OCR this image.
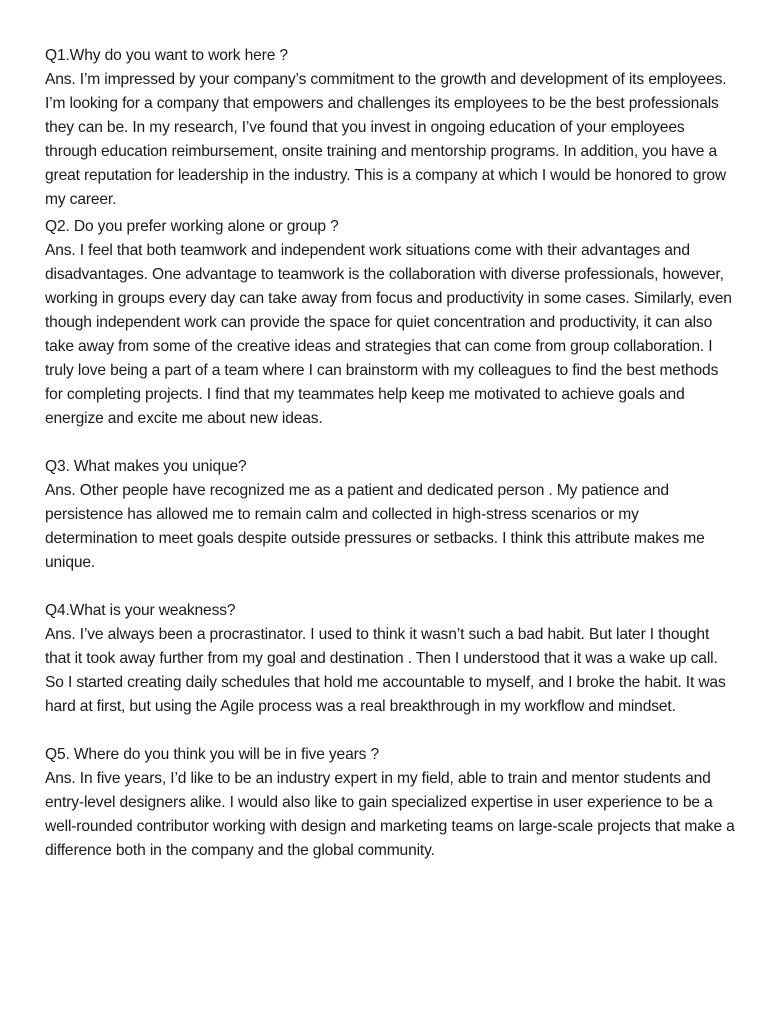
Q1.Why do you want to work here ?

Ans. I’m impressed by your company’s commitment to the growth and development of its employees. I’m looking for a company that empowers and challenges its employees to be the best professionals they can be. In my research, I’ve found that you invest in ongoing education of your employees through education reimbursement, onsite training and mentorship programs. In addition, you have a great reputation for leadership in the industry. This is a company at which I would be honored to grow my career.

Q2. Do you prefer working alone or group ?

Ans. I feel that both teamwork and independent work situations come with their advantages and disadvantages. One advantage to teamwork is the collaboration with diverse professionals, however, working in groups every day can take away from focus and productivity in some cases. Similarly, even though independent work can provide the space for quiet concentration and productivity, it can also take away from some of the creative ideas and strategies that can come from group collaboration. I truly love being a part of a team where I can brainstorm with my colleagues to find the best methods for completing projects. I find that my teammates help keep me motivated to achieve goals and energize and excite me about new ideas.

Q3. What makes you unique?

Ans. Other people have recognized me as a patient and dedicated person . My patience and persistence has allowed me to remain calm and collected in high-stress scenarios or my determination to meet goals despite outside pressures or setbacks. I think this attribute makes me unique.

Q4.What is your weakness?

Ans. I’ve always been a procrastinator. I used to think it wasn’t such a bad habit. But later I thought that it took away further from my goal and destination . Then I understood that it was a wake up call. So I started creating daily schedules that hold me accountable to myself, and I broke the habit. It was hard at first, but using the Agile process was a real breakthrough in my workflow and mindset.

Q5. Where do you think you will be in five years ?

Ans. In five years, I’d like to be an industry expert in my field, able to train and mentor students and entry-level designers alike. I would also like to gain specialized expertise in user experience to be a well-rounded contributor working with design and marketing teams on large-scale projects that make a difference both in the company and the global community.
